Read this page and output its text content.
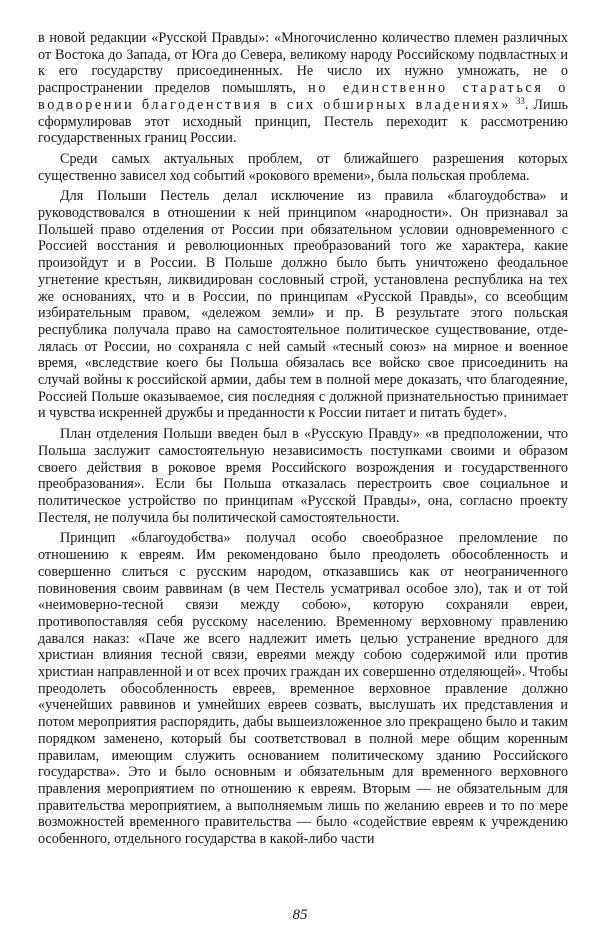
в новой редакции «Русской Правды»: «Многочисленно количество племен различных от Востока до Запада, от Юга до Севера, великому народу Российскому подвластных и к его государству присоединенных. Не число их нужно умножать, не о распространении пределов помышлять, но единственно стараться о водворении благоденствия в сих обширных владениях» $^{33}$. Лишь сформулировав этот исходный принцип, Пестель переходит к рассмотрению государственных границ России.

Среди самых актуальных проблем, от ближайшего разрешения которых существенно зависел ход событий «рокового времени», была польская проблема.

Для Польши Пестель делал исключение из правила «благоудобства» и руководствовался в отношении к ней принципом «народности». Он признавал за Польшей право отделения от России при обязательном условии одновременного с Россией восстания и революционных преобразований того же характера, какие произойдут и в России. В Польше должно было быть уничтожено феодальное угнетение крестьян, ликвидирован сословный строй, установлена республика на тех же основаниях, что и в России, по принципам «Русской Правды», со всеобщим избирательным правом, «дележом земли» и пр. В результате этого польская республика получала право на самостоятельное политическое существование, отделялась от России, но сохраняла с ней самый «тесный союз» на мирное и военное время, «вследствие коего бы Польша обязалась все войско свое присоединить на случай войны к российской армии, дабы тем в полной мере доказать, что благодеяние, Россией Польше оказываемое, сия последняя с должной признательностью принимает и чувства искренней дружбы и преданности к России питает и питать будет».

План отделения Польши введен был в «Русскую Правду» «в предположении, что Польша заслужит самостоятельную независимость поступками своими и образом своего действия в роковое время Российского возрождения и государственного преобразования». Если бы Польша отказалась перестроить свое социальное и политическое устройство по принципам «Русской Правды», она, согласно проекту Пестеля, не получила бы политической самостоятельности.

Принцип «благоудобства» получал особо своеобразное преломление по отношению к евреям. Им рекомендовано было преодолеть обособленность и совершенно слиться с русским народом, отказавшись как от неограниченного повиновения своим раввинам (в чем Пестель усматривал особое зло), так и от той «неимоверно-тесной связи между собою», которую сохраняли евреи, противопоставляя себя русскому населению. Временному верховному правлению давался наказ: «Паче же всего надлежит иметь целью устранение вредного для христиан влияния тесной связи, евреями между собою содержимой или против христиан направленной и от всех прочих граждан их совершенно отделяющей». Чтобы преодолеть обособленность евреев, временное верховное правление должно «ученейших раввинов и умнейших евреев созвать, выслушать их представления и потом мероприятия распорядить, дабы вышеизложенное зло прекращено было и таким порядком заменено, который бы соответствовал в полной мере общим коренным правилам, имеющим служить основанием политическому зданию Российского государства». Это и было основным и обязательным для временного верховного правления мероприятием по отношению к евреям. Вторым — не обязательным для правительства мероприятием, а выполняемым лишь по желанию евреев и то по мере возможностей временного правительства — было «содействие евреям к учреждению особенного, отдельного государства в какой-либо части

85
